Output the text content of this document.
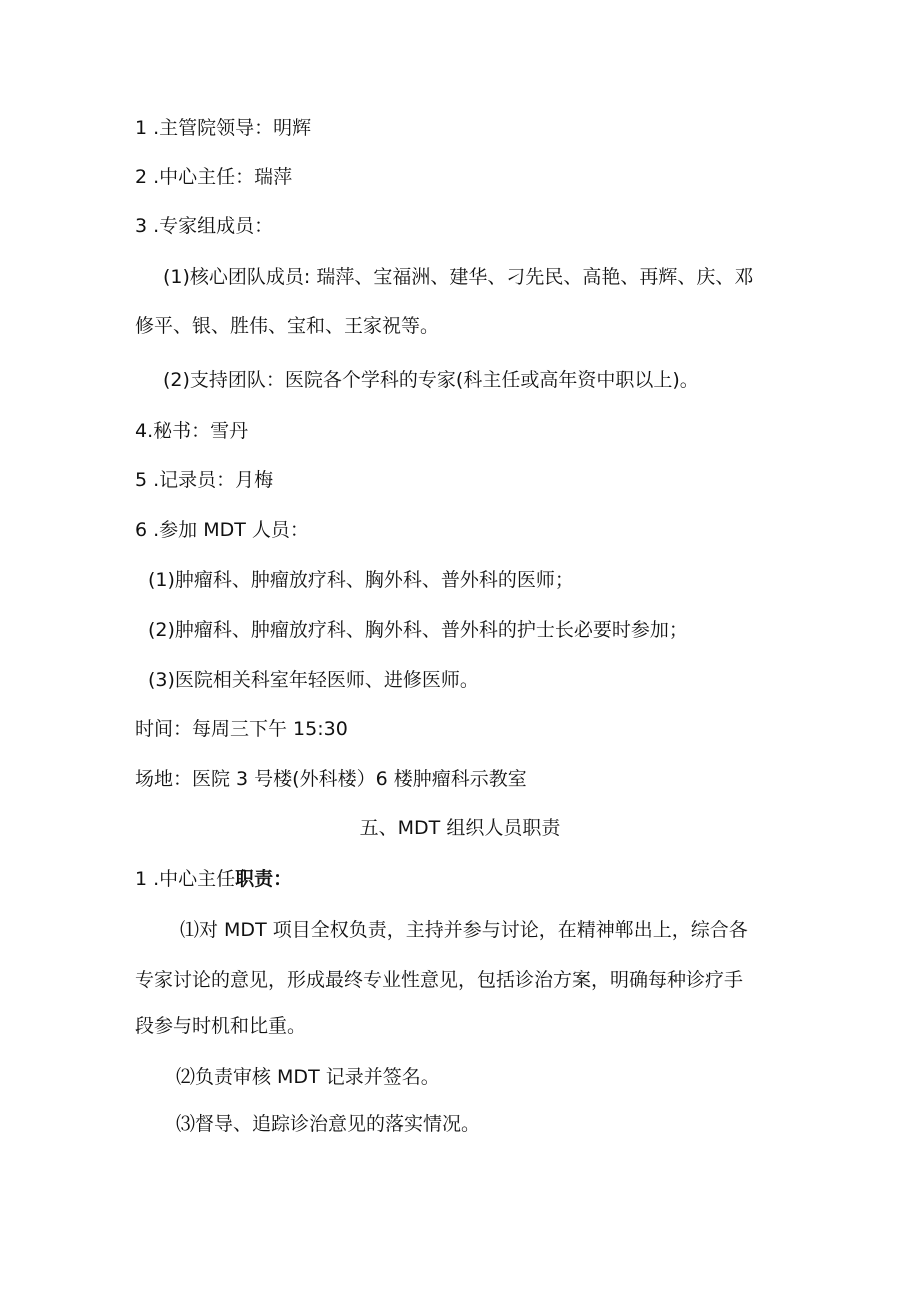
1 .主管院领导：明辉
2 .中心主任：瑞萍
3 .专家组成员：
(1)核心团队成员: 瑞萍、宝福洲、建华、刁先民、高艳、再辉、庆、邓
修平、银、胜伟、宝和、王家祝等。
(2)支持团队：医院各个学科的专家(科主任或高年资中职以上)。
4.秘书：雪丹
5 .记录员：月梅
6 .参加 MDT 人员：
(1)肿瘤科、肿瘤放疗科、胸外科、普外科的医师；
(2)肿瘤科、肿瘤放疗科、胸外科、普外科的护士长必要时参加；
(3)医院相关科室年轻医师、进修医师。
时间：每周三下午 15:30
场地：医院 3 号楼(外科楼）6 楼肿瘤科示教室
五、MDT 组织人员职责
1 .中心主任职责：
⑴对 MDT 项目全权负责，主持并参与讨论，在精神郸出上，综合各
专家讨论的意见，形成最终专业性意见，包括诊治方案，明确每种诊疗手
段参与时机和比重。
⑵负责审核 MDT 记录并签名。
⑶督导、追踪诊治意见的落实情况。
